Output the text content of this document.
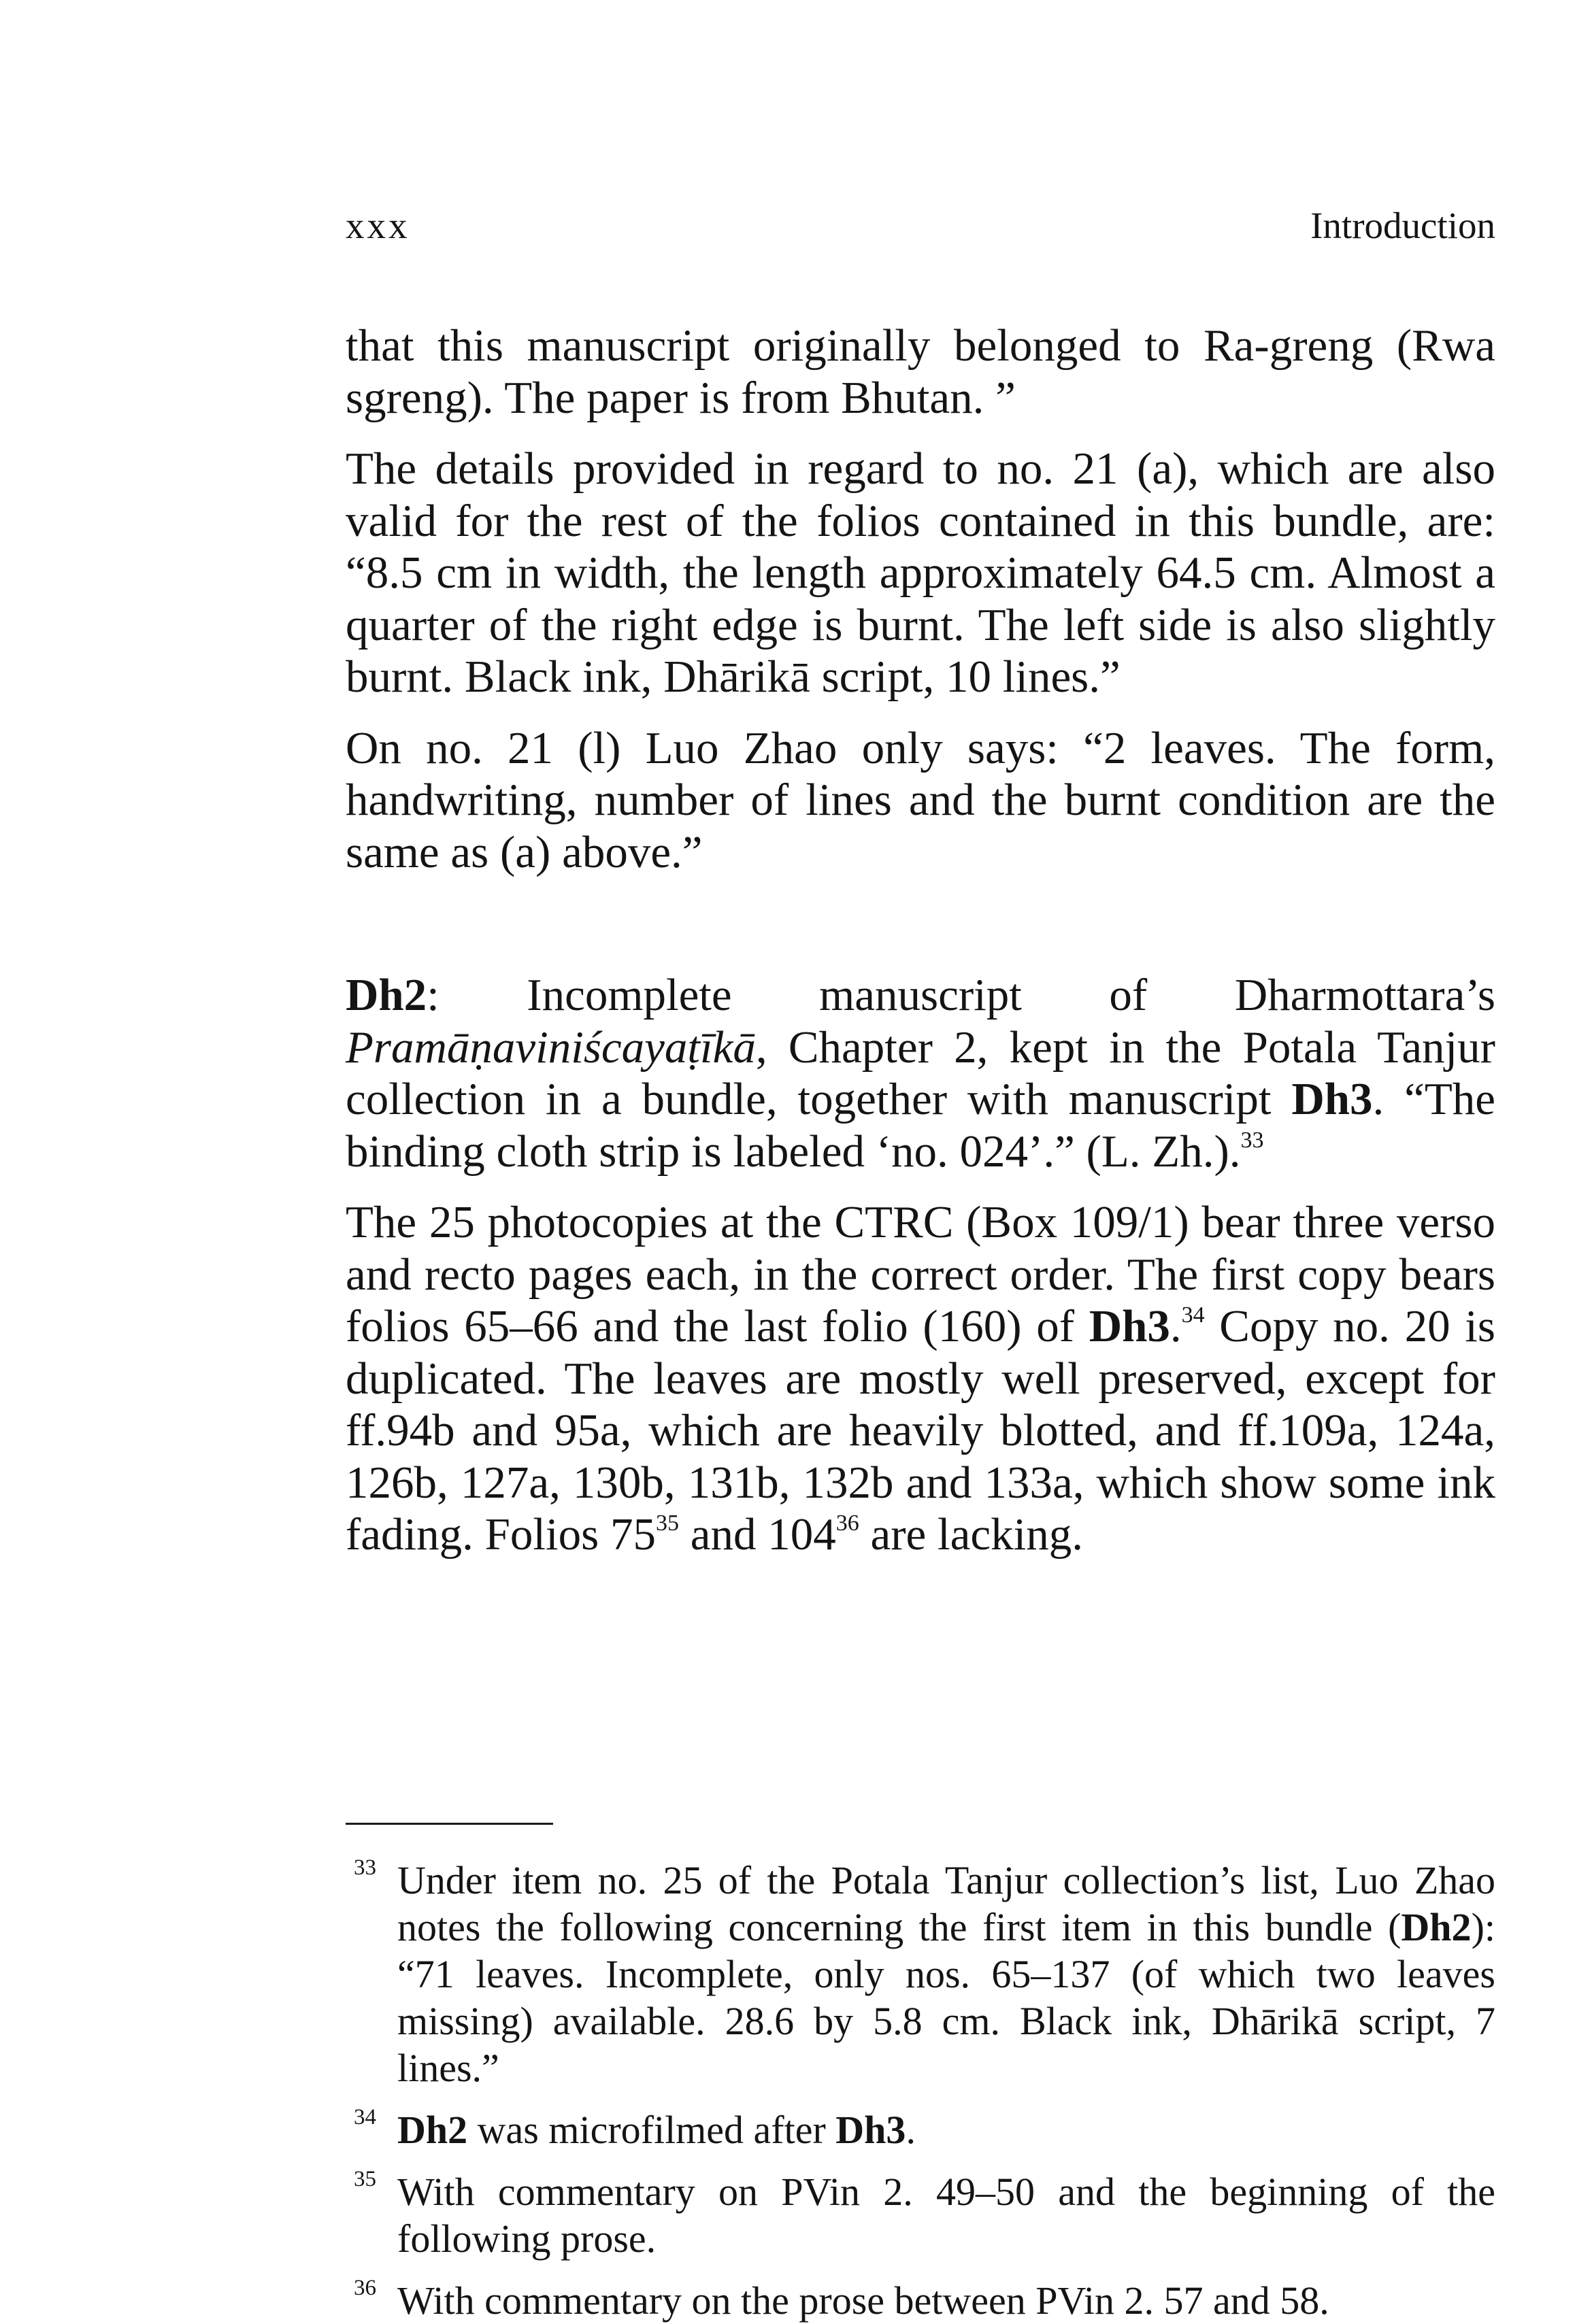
xxx	Introduction

that this manuscript originally belonged to Ra-greng (Rwa sgreng). The paper is from Bhutan. ”

The details provided in regard to no. 21 (a), which are also valid for the rest of the folios contained in this bundle, are: “8.5 cm in width, the length approximately 64.5 cm. Almost a quarter of the right edge is burnt. The left side is also slightly burnt. Black ink, Dhārikā script, 10 lines.”

On no. 21 (l) Luo Zhao only says: “2 leaves. The form, handwriting, number of lines and the burnt condition are the same as (a) above.”

Dh2: Incomplete manuscript of Dharmottara’s Pramāṇaviniścayaṭīkā, Chapter 2, kept in the Potala Tanjur collection in a bundle, together with manuscript Dh3. “The binding cloth strip is labeled ‘no. 024’.” (L. Zh.).$^{33}$

The 25 photocopies at the CTRC (Box 109/1) bear three verso and recto pages each, in the correct order. The first copy bears folios 65–66 and the last folio (160) of Dh3.34 Copy no. 20 is duplicated. The leaves are mostly well preserved, except for ff.94b and 95a, which are heavily blotted, and ff.109a, 124a, 126b, 127a, 130b, 131b, 132b and 133a, which show some ink fading. Folios $75^{35}$ and $104^{36}$ are lacking.

33 Under item no. 25 of the Potala Tanjur collection’s list, Luo Zhao notes the following concerning the first item in this bundle (Dh2): “71 leaves. Incomplete, only nos. 65–137 (of which two leaves missing) available. 28.6 by 5.8 cm. Black ink, Dhārikā script, 7 lines.”

34 Dh2 was microfilmed after Dh3.

35 With commentary on PVin 2. 49–50 and the beginning of the following prose.

36 With commentary on the prose between PVin 2. 57 and 58.
